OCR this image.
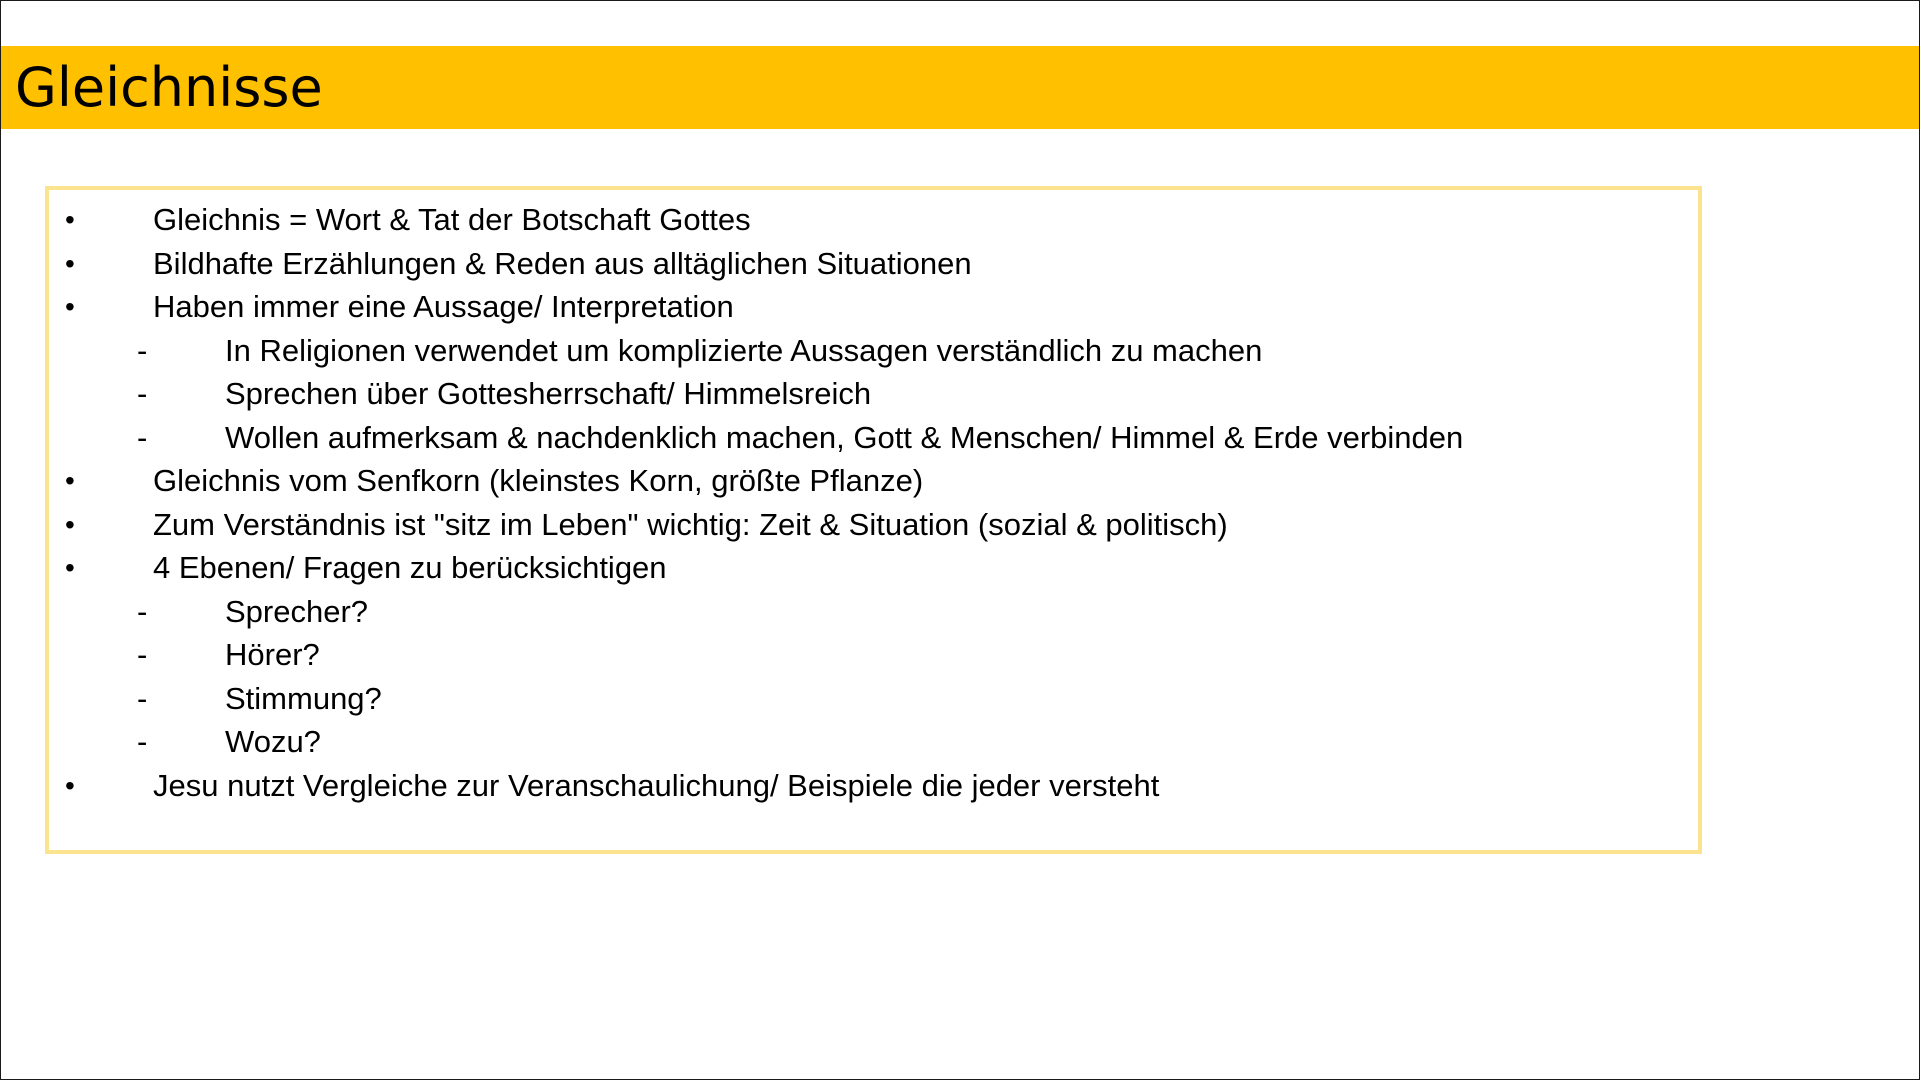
Gleichnisse
•	Gleichnis = Wort & Tat der Botschaft Gottes
•	Bildhafte Erzählungen & Reden aus alltäglichen Situationen
•	Haben immer eine Aussage/ Interpretation
-	In Religionen verwendet um komplizierte Aussagen verständlich zu machen
-	Sprechen über Gottesherrschaft/ Himmelsreich
-	Wollen aufmerksam & nachdenklich machen, Gott & Menschen/ Himmel & Erde verbinden
•	Gleichnis vom Senfkorn (kleinstes Korn, größte Pflanze)
•	Zum Verständnis ist "sitz im Leben" wichtig: Zeit & Situation (sozial & politisch)
•	4 Ebenen/ Fragen zu berücksichtigen
-	Sprecher?
-	Hörer?
-	Stimmung?
-	Wozu?
•	Jesu nutzt Vergleiche zur Veranschaulichung/ Beispiele die jeder versteht
